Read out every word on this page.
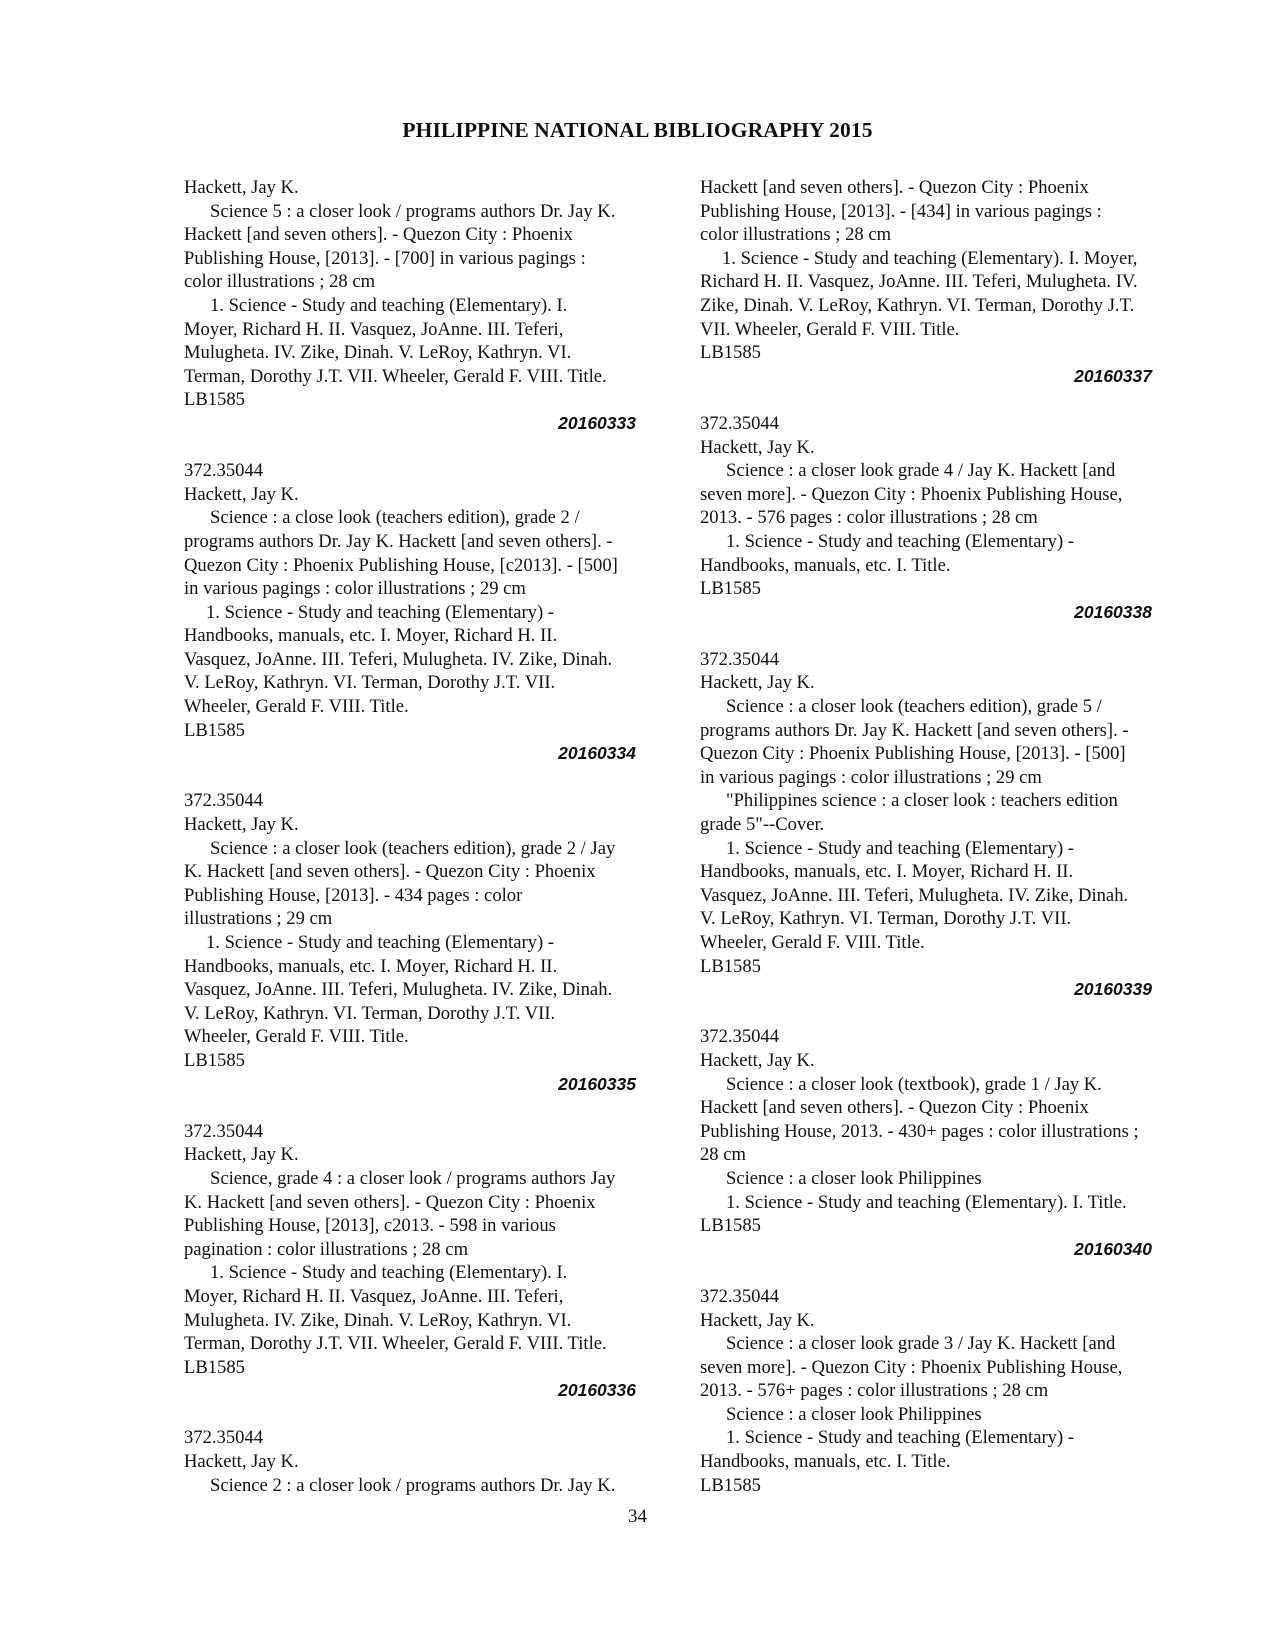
PHILIPPINE NATIONAL BIBLIOGRAPHY 2015
Hackett, Jay K.
Science 5 : a closer look / programs authors Dr. Jay K.
Hackett [and seven others]. - Quezon City : Phoenix
Publishing House, [2013]. - [700] in various pagings :
color illustrations ; 28 cm
1. Science - Study and teaching (Elementary). I.
Moyer, Richard H. II. Vasquez, JoAnne. III. Teferi,
Mulugheta. IV. Zike, Dinah. V. LeRoy, Kathryn. VI.
Terman, Dorothy J.T. VII. Wheeler, Gerald F. VIII. Title.
LB1585
20160333
372.35044
Hackett, Jay K.
Science : a close look (teachers edition), grade 2 /
programs authors Dr. Jay K. Hackett [and seven others]. -
Quezon City : Phoenix Publishing House, [c2013]. - [500]
in various pagings : color illustrations ; 29 cm
1. Science - Study and teaching (Elementary) -
Handbooks, manuals, etc. I. Moyer, Richard H. II.
Vasquez, JoAnne. III. Teferi, Mulugheta. IV. Zike, Dinah.
V. LeRoy, Kathryn. VI. Terman, Dorothy J.T. VII.
Wheeler, Gerald F. VIII. Title.
LB1585
20160334
372.35044
Hackett, Jay K.
Science : a closer look (teachers edition), grade 2 / Jay
K. Hackett [and seven others]. - Quezon City : Phoenix
Publishing House, [2013]. - 434 pages : color
illustrations ; 29 cm
1. Science - Study and teaching (Elementary) -
Handbooks, manuals, etc. I. Moyer, Richard H. II.
Vasquez, JoAnne. III. Teferi, Mulugheta. IV. Zike, Dinah.
V. LeRoy, Kathryn. VI. Terman, Dorothy J.T. VII.
Wheeler, Gerald F. VIII. Title.
LB1585
20160335
372.35044
Hackett, Jay K.
Science, grade 4 : a closer look / programs authors Jay
K. Hackett [and seven others]. - Quezon City : Phoenix
Publishing House, [2013], c2013. - 598 in various
pagination : color illustrations ; 28 cm
1. Science - Study and teaching (Elementary). I.
Moyer, Richard H. II. Vasquez, JoAnne. III. Teferi,
Mulugheta. IV. Zike, Dinah. V. LeRoy, Kathryn. VI.
Terman, Dorothy J.T. VII. Wheeler, Gerald F. VIII. Title.
LB1585
20160336
372.35044
Hackett, Jay K.
Science 2 : a closer look / programs authors Dr. Jay K.
Hackett [and seven others]. - Quezon City : Phoenix
Publishing House, [2013]. - [434] in various pagings :
color illustrations ; 28 cm
1. Science - Study and teaching (Elementary). I. Moyer,
Richard H. II. Vasquez, JoAnne. III. Teferi, Mulugheta. IV.
Zike, Dinah. V. LeRoy, Kathryn. VI. Terman, Dorothy J.T.
VII. Wheeler, Gerald F. VIII. Title.
LB1585
20160337
372.35044
Hackett, Jay K.
Science : a closer look grade 4 / Jay K. Hackett [and
seven more]. - Quezon City : Phoenix Publishing House,
2013. - 576 pages : color illustrations ; 28 cm
1. Science - Study and teaching (Elementary) -
Handbooks, manuals, etc. I. Title.
LB1585
20160338
372.35044
Hackett, Jay K.
Science : a closer look (teachers edition), grade 5 /
programs authors Dr. Jay K. Hackett [and seven others]. -
Quezon City : Phoenix Publishing House, [2013]. - [500]
in various pagings : color illustrations ; 29 cm
"Philippines science : a closer look : teachers edition
grade 5"--Cover.
1. Science - Study and teaching (Elementary) -
Handbooks, manuals, etc. I. Moyer, Richard H. II.
Vasquez, JoAnne. III. Teferi, Mulugheta. IV. Zike, Dinah.
V. LeRoy, Kathryn. VI. Terman, Dorothy J.T. VII.
Wheeler, Gerald F. VIII. Title.
LB1585
20160339
372.35044
Hackett, Jay K.
Science : a closer look (textbook), grade 1 / Jay K.
Hackett [and seven others]. - Quezon City : Phoenix
Publishing House, 2013. - 430+ pages : color illustrations ;
28 cm
Science : a closer look Philippines
1. Science - Study and teaching (Elementary). I. Title.
LB1585
20160340
372.35044
Hackett, Jay K.
Science : a closer look grade 3 / Jay K. Hackett [and
seven more]. - Quezon City : Phoenix Publishing House,
2013. - 576+ pages : color illustrations ; 28 cm
Science : a closer look Philippines
1. Science - Study and teaching (Elementary) -
Handbooks, manuals, etc. I. Title.
LB1585
34
